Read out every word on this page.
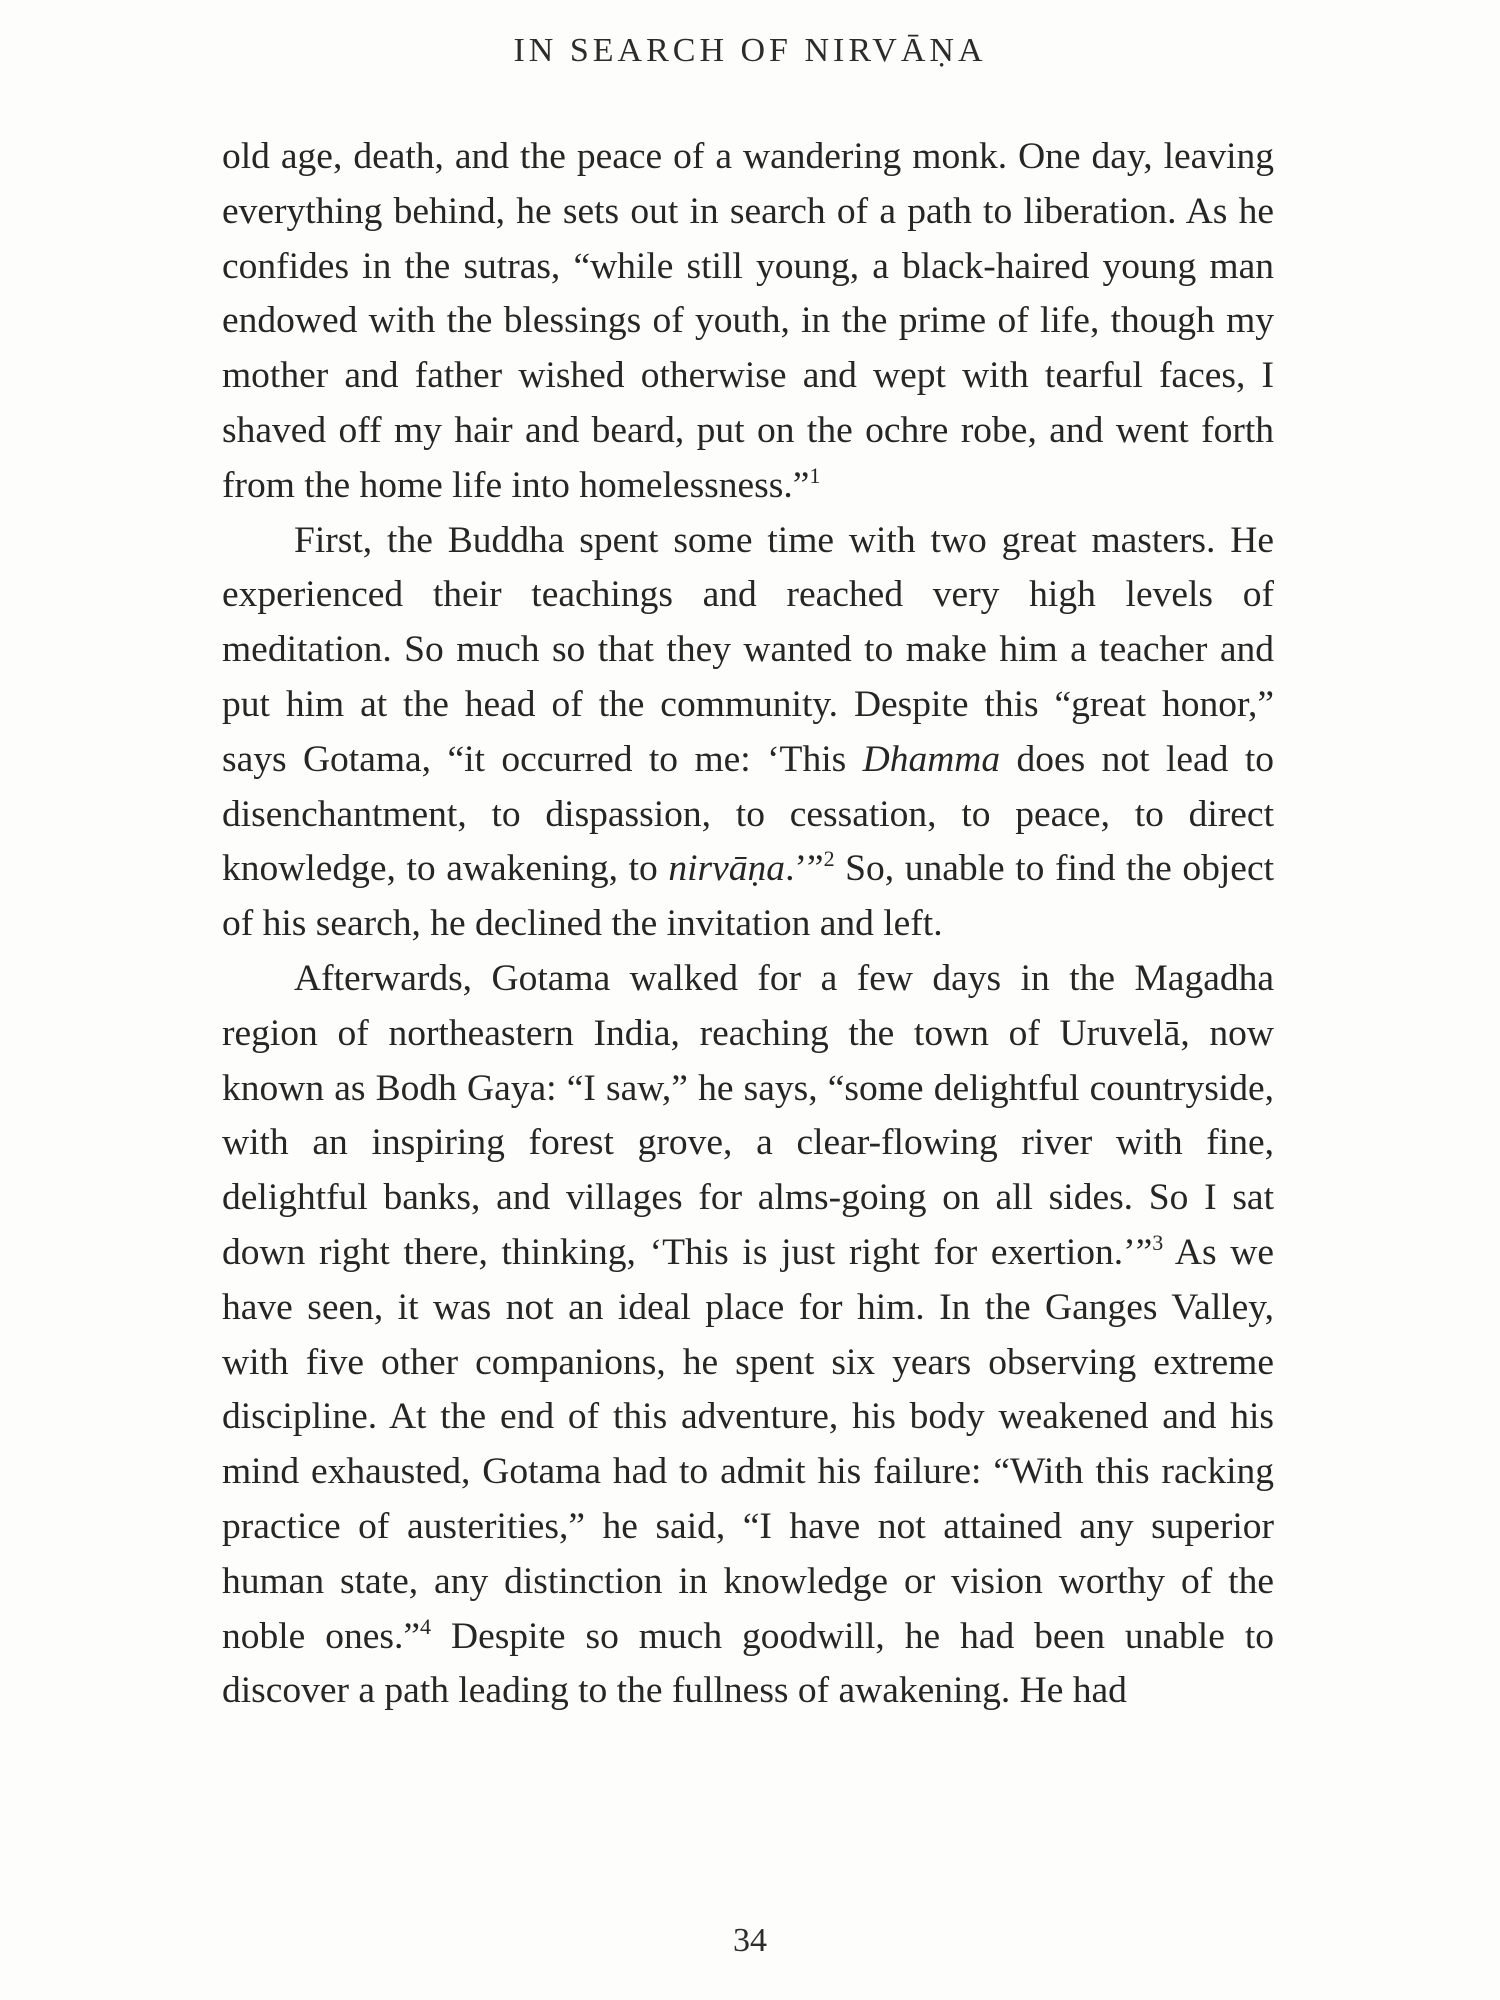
IN SEARCH OF NIRVĀṆA

old age, death, and the peace of a wandering monk. One day, leaving everything behind, he sets out in search of a path to liberation. As he confides in the sutras, “while still young, a black-haired young man endowed with the blessings of youth, in the prime of life, though my mother and father wished otherwise and wept with tearful faces, I shaved off my hair and beard, put on the ochre robe, and went forth from the home life into homelessness.”$^1$

First, the Buddha spent some time with two great masters. He experienced their teachings and reached very high levels of meditation. So much so that they wanted to make him a teacher and put him at the head of the community. Despite this “great honor,” says Gotama, “it occurred to me: ‘This Dhamma does not lead to disenchantment, to dispassion, to cessation, to peace, to direct knowledge, to awakening, to nirvāṇa.’”$^2$ So, unable to find the object of his search, he declined the invitation and left.

Afterwards, Gotama walked for a few days in the Magadha region of northeastern India, reaching the town of Uruvelā, now known as Bodh Gaya: “I saw,” he says, “some delightful countryside, with an inspiring forest grove, a clear-flowing river with fine, delightful banks, and villages for alms-going on all sides. So I sat down right there, thinking, ‘This is just right for exertion.’”$^3$ As we have seen, it was not an ideal place for him. In the Ganges Valley, with five other companions, he spent six years observing extreme discipline. At the end of this adventure, his body weakened and his mind exhausted, Gotama had to admit his failure: “With this racking practice of austerities,” he said, “I have not attained any superior human state, any distinction in knowledge or vision worthy of the noble ones.”$^4$ Despite so much goodwill, he had been unable to discover a path leading to the fullness of awakening. He had

34
